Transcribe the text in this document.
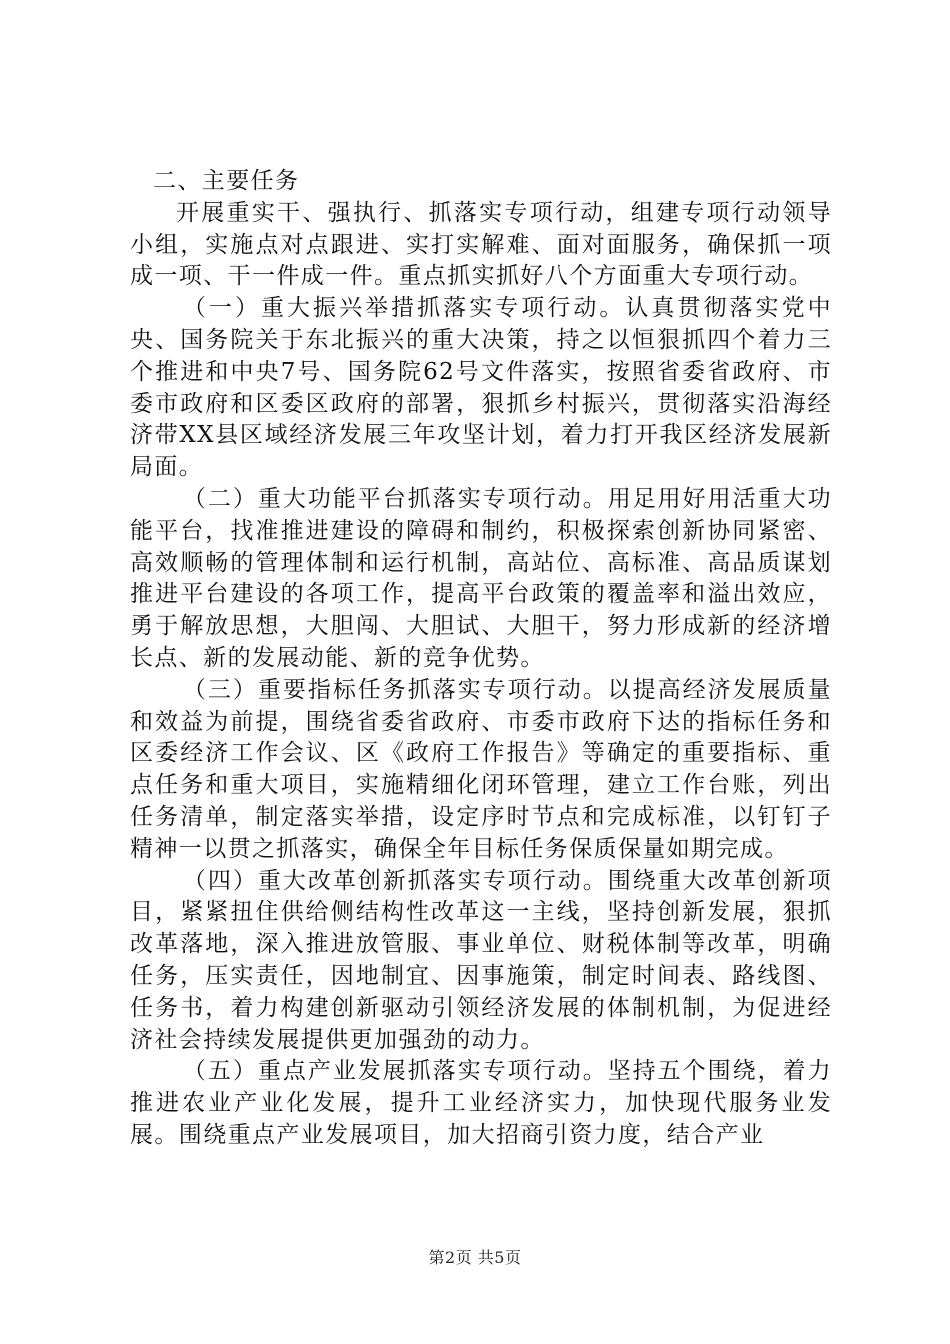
二、主要任务

开展重实干、强执行、抓落实专项行动，组建专项行动领导小组，实施点对点跟进、实打实解难、面对面服务，确保抓一项成一项、干一件成一件。重点抓实抓好八个方面重大专项行动。

（一）重大振兴举措抓落实专项行动。认真贯彻落实党中央、国务院关于东北振兴的重大决策，持之以恒狠抓四个着力三个推进和中央7号、国务院62号文件落实，按照省委省政府、市委市政府和区委区政府的部署，狠抓乡村振兴，贯彻落实沿海经济带XX县区域经济发展三年攻坚计划，着力打开我区经济发展新局面。

（二）重大功能平台抓落实专项行动。用足用好用活重大功能平台，找准推进建设的障碍和制约，积极探索创新协同紧密、高效顺畅的管理体制和运行机制，高站位、高标准、高品质谋划推进平台建设的各项工作，提高平台政策的覆盖率和溢出效应，勇于解放思想，大胆闯、大胆试、大胆干，努力形成新的经济增长点、新的发展动能、新的竞争优势。

（三）重要指标任务抓落实专项行动。以提高经济发展质量和效益为前提，围绕省委省政府、市委市政府下达的指标任务和区委经济工作会议、区《政府工作报告》等确定的重要指标、重点任务和重大项目，实施精细化闭环管理，建立工作台账，列出任务清单，制定落实举措，设定序时节点和完成标准，以钉钉子精神一以贯之抓落实，确保全年目标任务保质保量如期完成。

（四）重大改革创新抓落实专项行动。围绕重大改革创新项目，紧紧扭住供给侧结构性改革这一主线，坚持创新发展，狠抓改革落地，深入推进放管服、事业单位、财税体制等改革，明确任务，压实责任，因地制宜、因事施策，制定时间表、路线图、任务书，着力构建创新驱动引领经济发展的体制机制，为促进经济社会持续发展提供更加强劲的动力。

（五）重点产业发展抓落实专项行动。坚持五个围绕，着力推进农业产业化发展，提升工业经济实力，加快现代服务业发展。围绕重点产业发展项目，加大招商引资力度，结合产业

第2页 共5页
